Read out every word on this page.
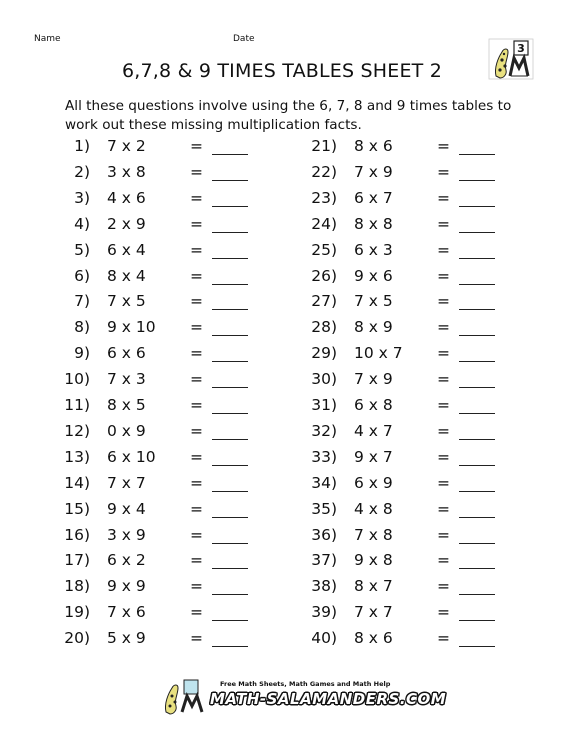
Name	Date
3
6,7,8 & 9 TIMES TABLES SHEET 2
All these questions involve using the 6, 7, 8 and 9 times tables to work out these missing multiplication facts.
1) 7 x 2	=
2) 3 x 8	=
3) 4 x 6	=
4) 2 x 9	=
5) 6 x 4	=
6) 8 x 4	=
7) 7 x 5	=
8) 9 x 10 =
9) 6 x 6	=
10) 7 x 3	=
11) 8 x 5	=
12) 0 x 9	=
13) 6 x 10 =
14) 7 x 7	=
15) 9 x 4	=
16) 3 x 9	=
17) 6 x 2	=
18) 9 x 9	=
19) 7 x 6	=
20) 5 x 9	=
21) 8 x 6	=
22) 7 x 9	=
23) 6 x 7	=
24) 8 x 8	=
25) 6 x 3	=
26) 9 x 6	=
27) 7 x 5	=
28) 8 x 9	=
29) 10 x 7 =
30) 7 x 9	=
31) 6 x 8	=
32) 4 x 7	=
33) 9 x 7	=
34) 6 x 9	=
35) 4 x 8	=
36) 7 x 8	=
37) 9 x 8	=
38) 8 x 7	=
39) 7 x 7	=
40) 8 x 6	=
Free Math Sheets, Math Games and Math Help
MATH-SALAMANDERS.COM
